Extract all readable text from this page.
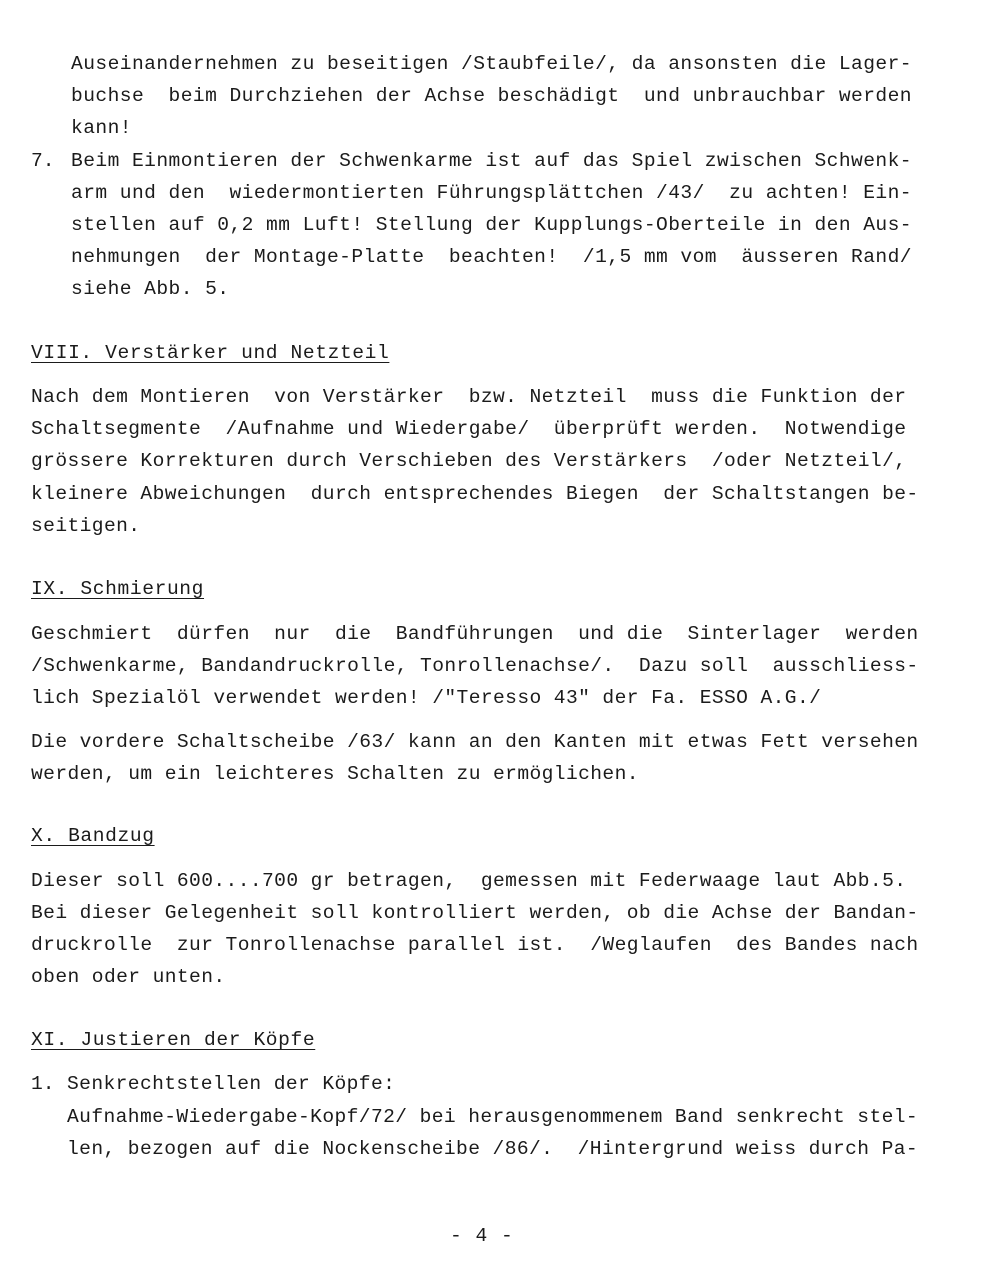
Auseinandernehmen zu beseitigen /Staubfeile/, da ansonsten die Lager-
buchse  beim Durchziehen der Achse beschädigt  und unbrauchbar werden
kann!
7. Beim Einmontieren der Schwenkarme ist auf das Spiel zwischen Schwenk-
arm und den  wiedermontierten Führungsplättchen /43/  zu achten! Ein-
stellen auf 0,2 mm Luft! Stellung der Kupplungs-Oberteile in den Aus-
nehmungen  der Montage-Platte  beachten!  /1,5 mm vom  äusseren Rand/
siehe Abb. 5.
VIII. Verstärker und Netzteil
Nach dem Montieren  von Verstärker  bzw. Netzteil  muss die Funktion der
Schaltsegmente  /Aufnahme und Wiedergabe/  überprüft werden.  Notwendige
grössere Korrekturen durch Verschieben des Verstärkers  /oder Netzteil/,
kleinere Abweichungen  durch entsprechendes Biegen  der Schaltstangen be-
seitigen.
IX. Schmierung
Geschmiert  dürfen  nur  die  Bandführungen  und die  Sinterlager  werden
/Schwenkarme, Bandandruckrolle, Tonrollenachse/.  Dazu soll  ausschliess-
lich Spezialöl verwendet werden! /"Teresso 43" der Fa. ESSO A.G./
Die vordere Schaltscheibe /63/ kann an den Kanten mit etwas Fett versehen
werden, um ein leichteres Schalten zu ermöglichen.
X. Bandzug
Dieser soll 600....700 gr betragen,  gemessen mit Federwaage laut Abb.5.
Bei dieser Gelegenheit soll kontrolliert werden, ob die Achse der Bandan-
druckrolle  zur Tonrollenachse parallel ist.  /Weglaufen  des Bandes nach
oben oder unten.
XI. Justieren der Köpfe
1. Senkrechtstellen der Köpfe:
Aufnahme-Wiedergabe-Kopf/72/ bei herausgenommenem Band senkrecht stel-
len, bezogen auf die Nockenscheibe /86/.  /Hintergrund weiss durch Pa-
- 4 -
